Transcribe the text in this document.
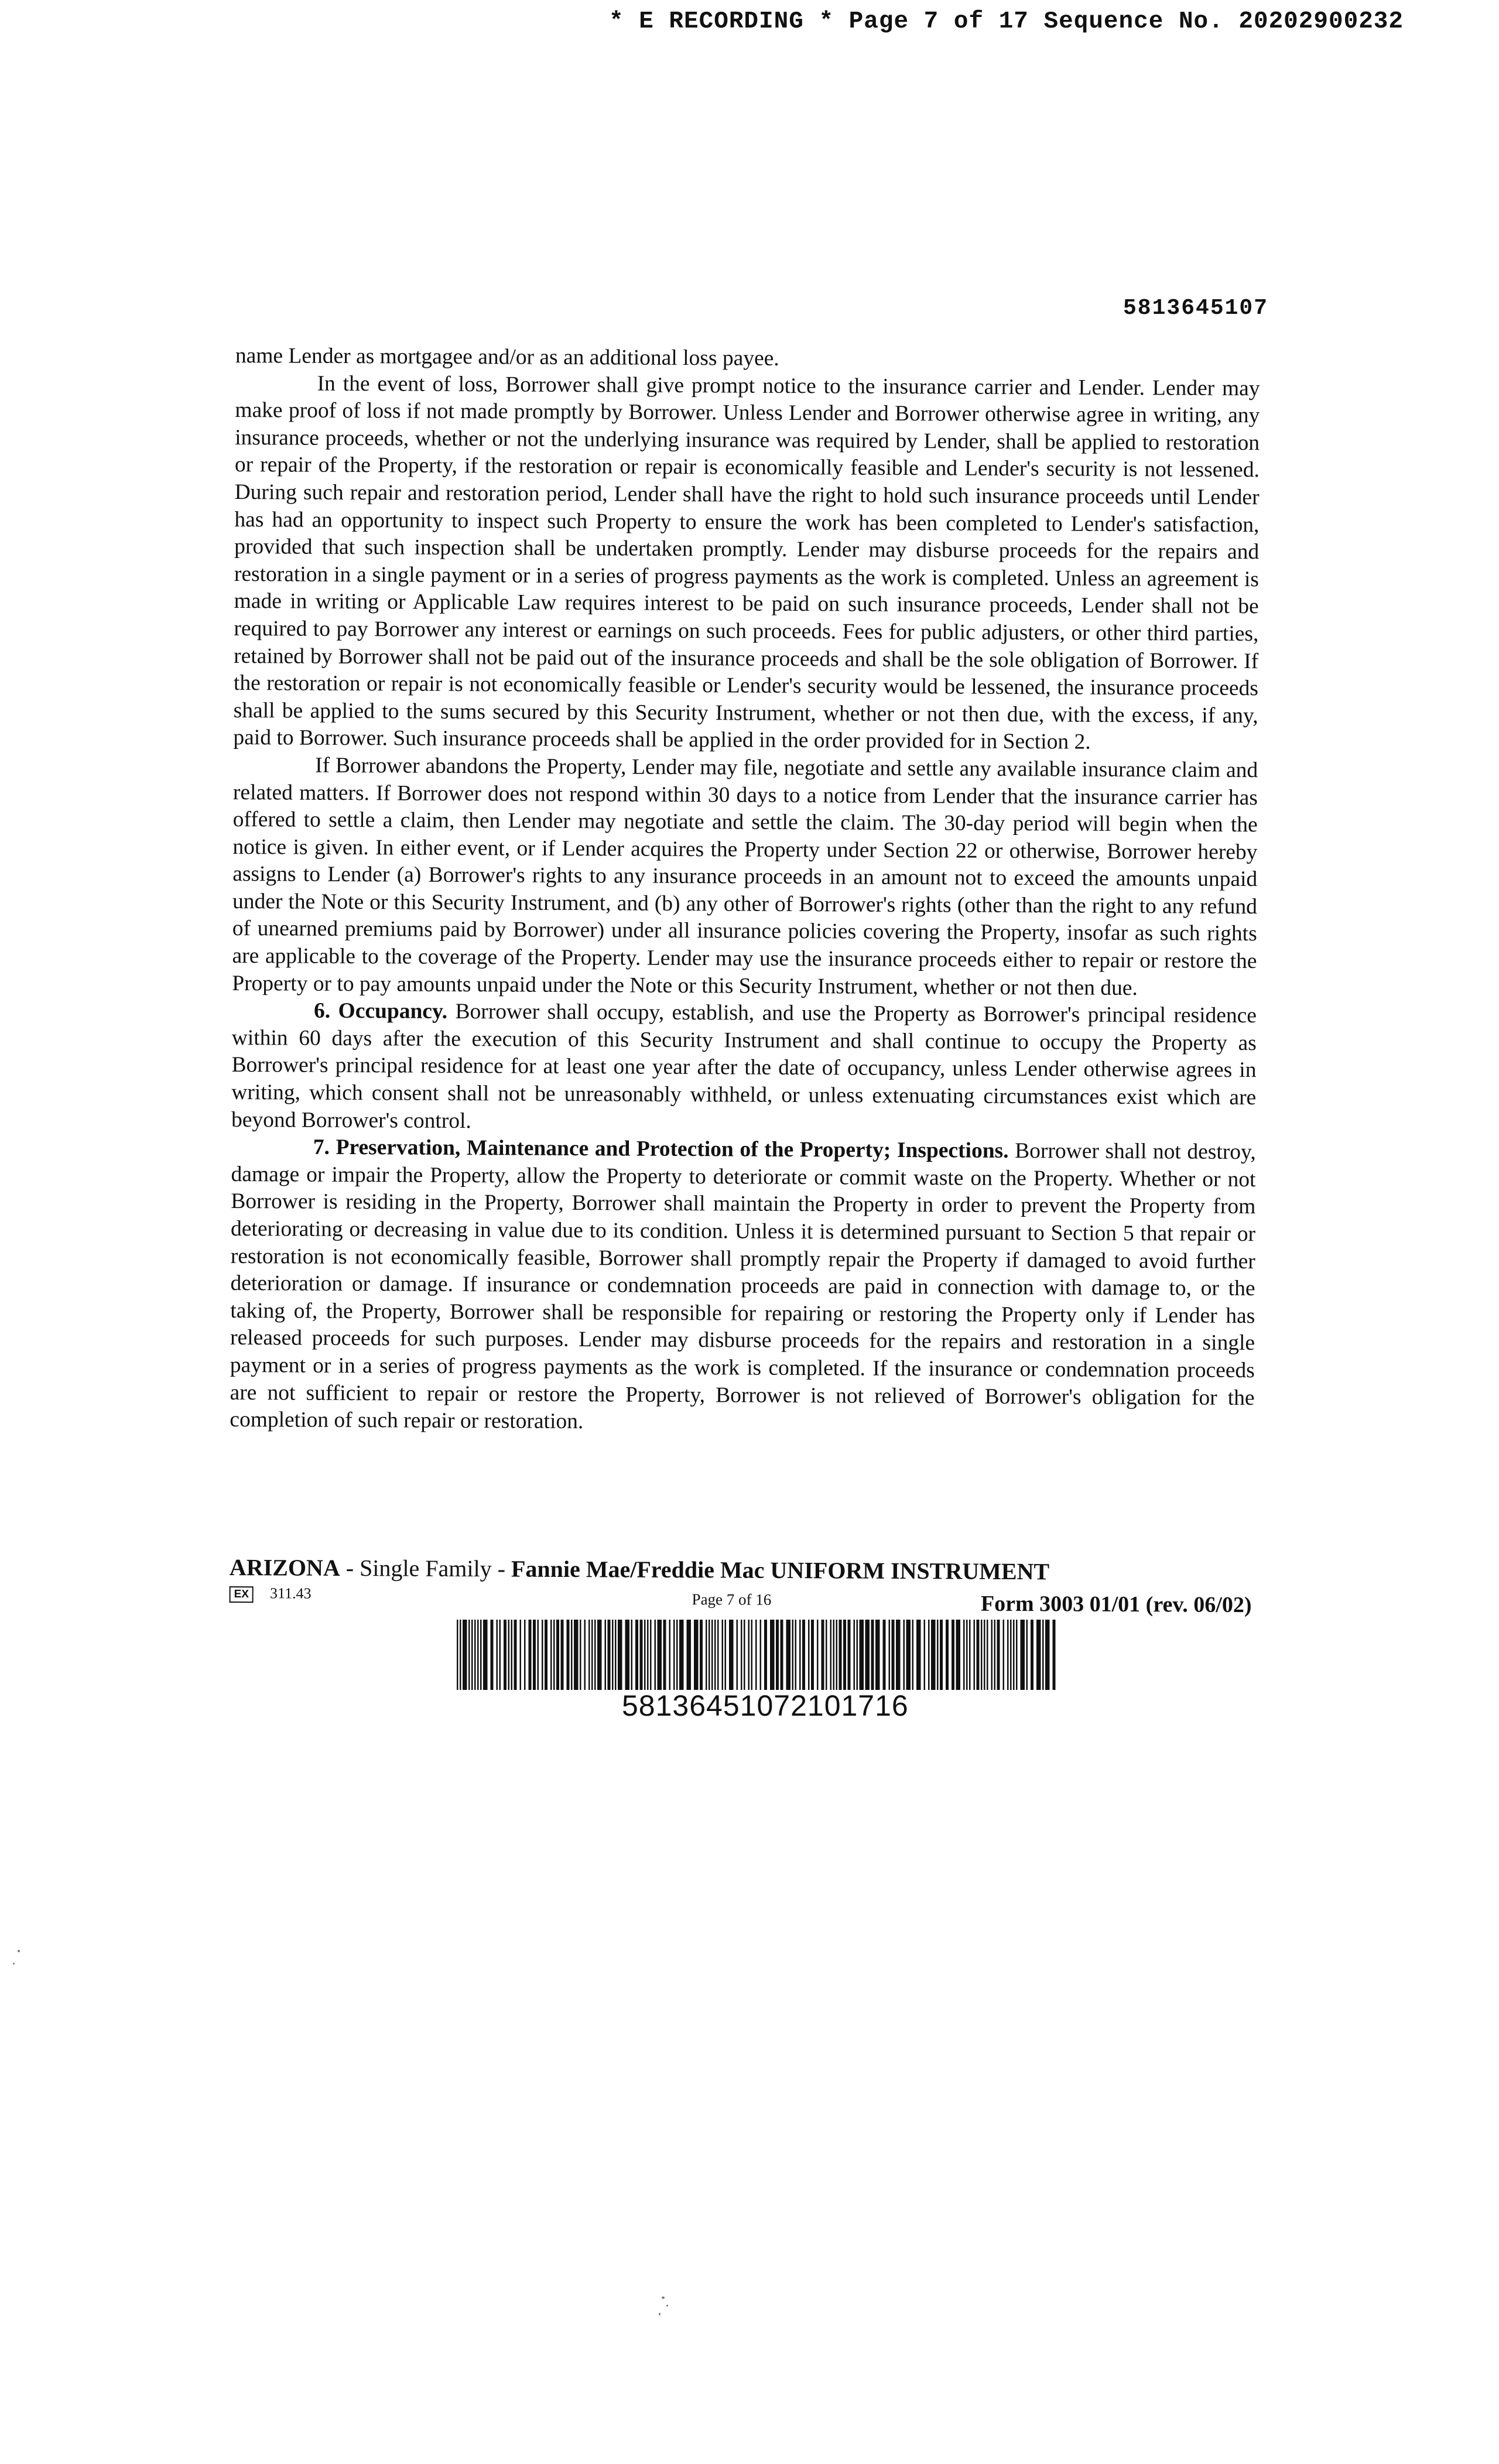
* E RECORDING * Page 7 of 17 Sequence No. 20202900232
5813645107

name Lender as mortgagee and/or as an additional loss payee.

In the event of loss, Borrower shall give prompt notice to the insurance carrier and Lender. Lender may make proof of loss if not made promptly by Borrower. Unless Lender and Borrower otherwise agree in writing, any insurance proceeds, whether or not the underlying insurance was required by Lender, shall be applied to restoration or repair of the Property, if the restoration or repair is economically feasible and Lender's security is not lessened. During such repair and restoration period, Lender shall have the right to hold such insurance proceeds until Lender has had an opportunity to inspect such Property to ensure the work has been completed to Lender's satisfaction, provided that such inspection shall be undertaken promptly. Lender may disburse proceeds for the repairs and restoration in a single payment or in a series of progress payments as the work is completed. Unless an agreement is made in writing or Applicable Law requires interest to be paid on such insurance proceeds, Lender shall not be required to pay Borrower any interest or earnings on such proceeds. Fees for public adjusters, or other third parties, retained by Borrower shall not be paid out of the insurance proceeds and shall be the sole obligation of Borrower. If the restoration or repair is not economically feasible or Lender's security would be lessened, the insurance proceeds shall be applied to the sums secured by this Security Instrument, whether or not then due, with the excess, if any, paid to Borrower. Such insurance proceeds shall be applied in the order provided for in Section 2.

If Borrower abandons the Property, Lender may file, negotiate and settle any available insurance claim and related matters. If Borrower does not respond within 30 days to a notice from Lender that the insurance carrier has offered to settle a claim, then Lender may negotiate and settle the claim. The 30-day period will begin when the notice is given. In either event, or if Lender acquires the Property under Section 22 or otherwise, Borrower hereby assigns to Lender (a) Borrower's rights to any insurance proceeds in an amount not to exceed the amounts unpaid under the Note or this Security Instrument, and (b) any other of Borrower's rights (other than the right to any refund of unearned premiums paid by Borrower) under all insurance policies covering the Property, insofar as such rights are applicable to the coverage of the Property. Lender may use the insurance proceeds either to repair or restore the Property or to pay amounts unpaid under the Note or this Security Instrument, whether or not then due.

6. Occupancy. Borrower shall occupy, establish, and use the Property as Borrower's principal residence within 60 days after the execution of this Security Instrument and shall continue to occupy the Property as Borrower's principal residence for at least one year after the date of occupancy, unless Lender otherwise agrees in writing, which consent shall not be unreasonably withheld, or unless extenuating circumstances exist which are beyond Borrower's control.

7. Preservation, Maintenance and Protection of the Property; Inspections. Borrower shall not destroy, damage or impair the Property, allow the Property to deteriorate or commit waste on the Property. Whether or not Borrower is residing in the Property, Borrower shall maintain the Property in order to prevent the Property from deteriorating or decreasing in value due to its condition. Unless it is determined pursuant to Section 5 that repair or restoration is not economically feasible, Borrower shall promptly repair the Property if damaged to avoid further deterioration or damage. If insurance or condemnation proceeds are paid in connection with damage to, or the taking of, the Property, Borrower shall be responsible for repairing or restoring the Property only if Lender has released proceeds for such purposes. Lender may disburse proceeds for the repairs and restoration in a single payment or in a series of progress payments as the work is completed. If the insurance or condemnation proceeds are not sufficient to repair or restore the Property, Borrower is not relieved of Borrower's obligation for the completion of such repair or restoration.

ARIZONA - Single Family - Fannie Mae/Freddie Mac UNIFORM INSTRUMENT
EX 311.43	Page 7 of 16	Form 3003 01/01 (rev. 06/02)
58136451072101716
